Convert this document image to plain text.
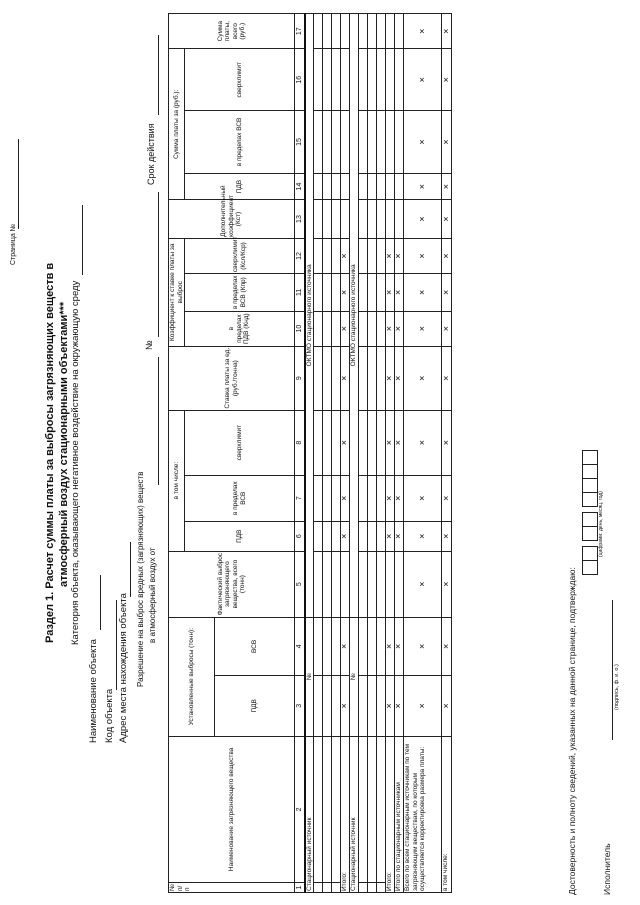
Страница №
Раздел 1. Расчет суммы платы за выбросы загрязняющих веществ в атмосферный воздух стационарными объектами*** Категория объекта, оказывающего негативное воздействие на окружающую среду
Наименование объекта Код объекта Адрес места нахождения объекта Разрешение на выброс вредных (загрязняющих) веществ в атмосферный воздух от
№
Срок действия
№ п/п	Наименование загрязняющего вещества	Установленные выбросы (тонн):		Фактический выброс загрязняющего вещества, всего (тонн)	в том числе:			Ставка платы за ед. (руб./тонна)	Коэффициент к ставке платы за выброс			Дополнительный коэффициент (Кст)	Сумма платы за (руб.):			Сумма платы, всего (руб.)
					ПДВ	в пределах ВСВ	сверхлимит		в пределах ПДВ (Кнд)	в пределах ВСВ (Кпр)	сверхлимит (Ксл/Кср)		ПДВ	в пределах ВСВ	сверхлимит	
		ПДВ	ВСВ													
1	2	3	4	5	6	7	8	9	10	11	12	13	14	15	16	17
Стационарный источник		№		ОКТМО стационарного источника												

Итого:		×	×		×	×	×	×	×	×	×					
Стационарный источник		№		ОКТМО стационарного источника												

Итого:		×	×		×	×	×	×	×	×	×					
Итого по стационарным источникам		×	×		×	×	×	×	×	×	×					
Всего по всем стационарным источникам по тем загрязняющим веществам, по которым осуществляется корректировка размера платы:		×	×	×	×	×	×	×	×	×	×	×	×	×	×	×
в том числе:		×	×	×	×	×	×	×	×	×	×	×	×	×	×	×
Достоверность и полноту сведений, указанных на данной странице, подтверждаю:
(цифрами: день, месяц, год)
Исполнитель
(подпись, ф. и. о.)
